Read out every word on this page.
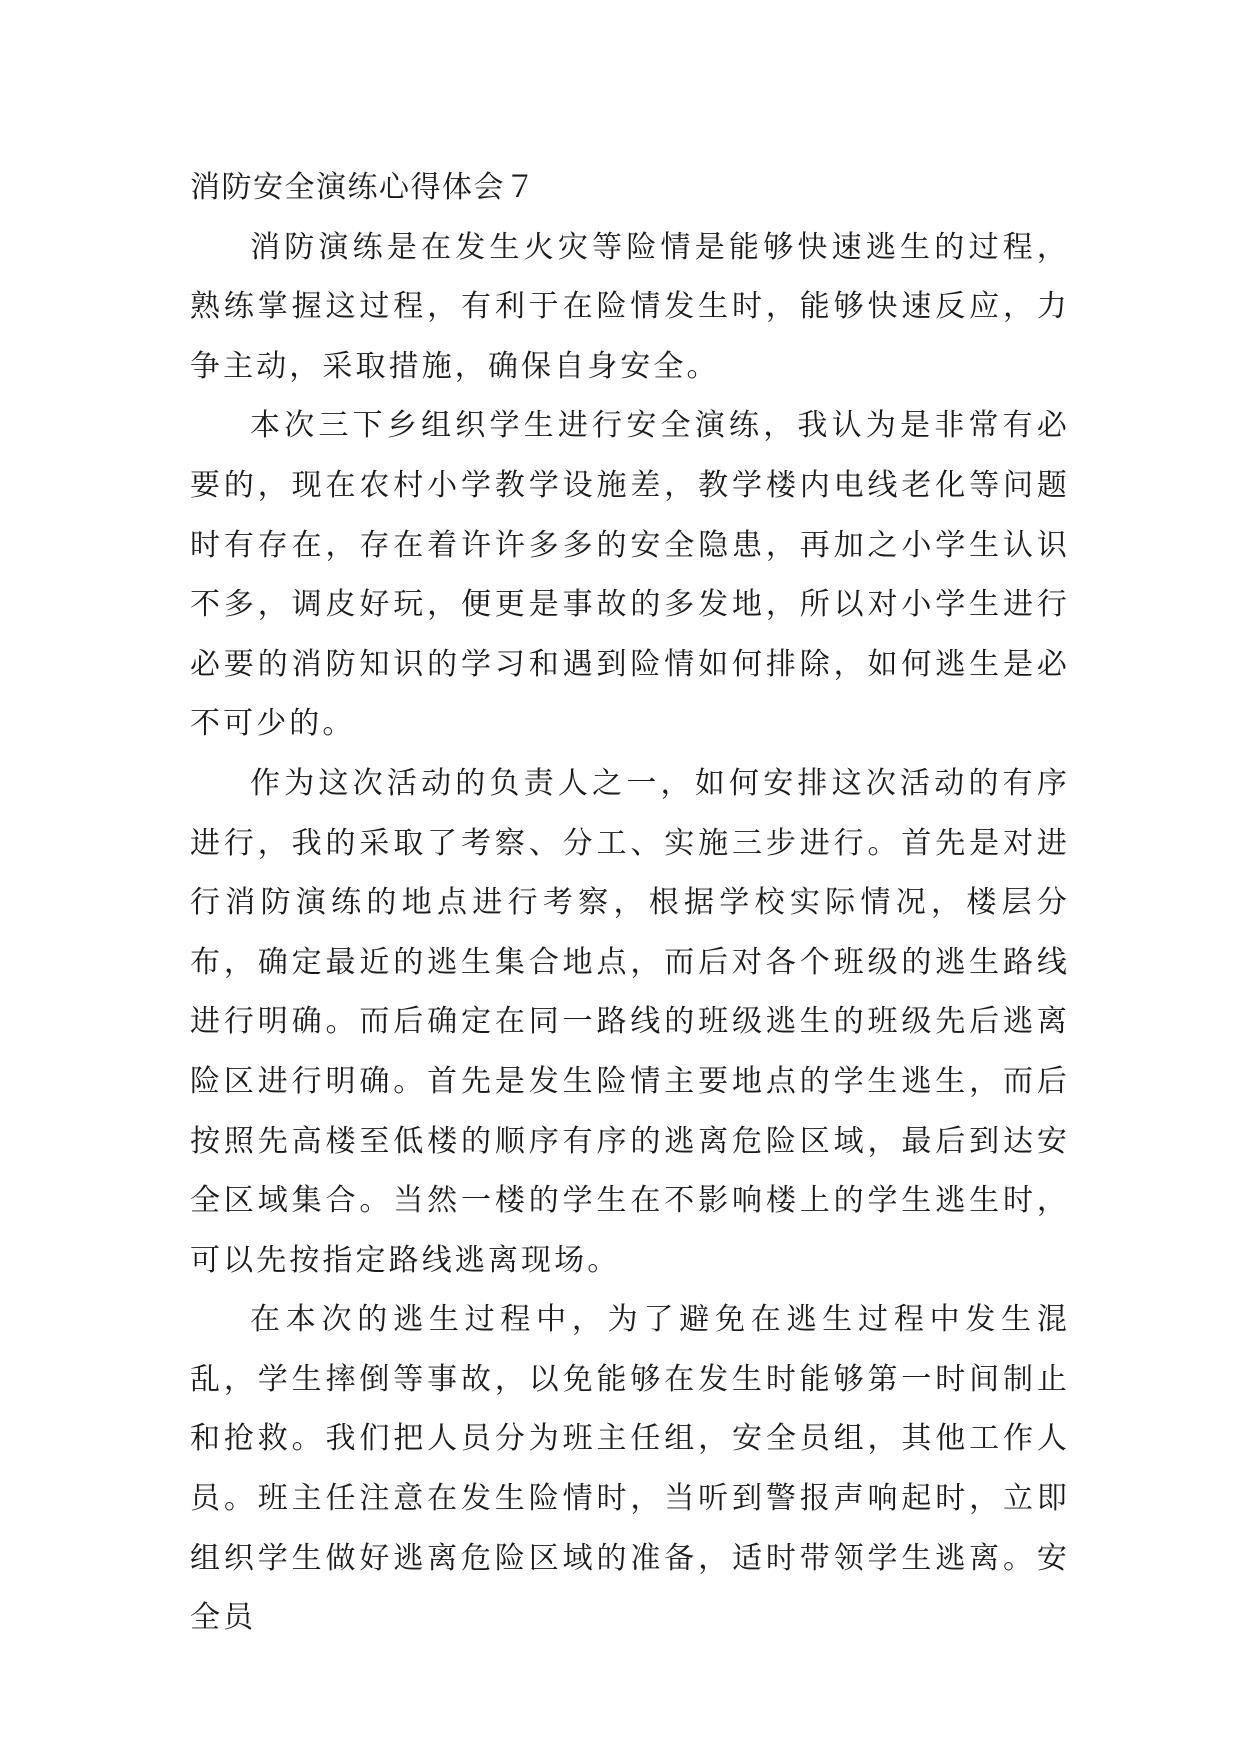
消防安全演练心得体会７

消防演练是在发生火灾等险情是能够快速逃生的过程，熟练掌握这过程，有利于在险情发生时，能够快速反应，力争主动，采取措施，确保自身安全。

本次三下乡组织学生进行安全演练，我认为是非常有必要的，现在农村小学教学设施差，教学楼内电线老化等问题时有存在，存在着许许多多的安全隐患，再加之小学生认识不多，调皮好玩，便更是事故的多发地，所以对小学生进行必要的消防知识的学习和遇到险情如何排除，如何逃生是必不可少的。

作为这次活动的负责人之一，如何安排这次活动的有序进行，我的采取了考察、分工、实施三步进行。首先是对进行消防演练的地点进行考察，根据学校实际情况，楼层分布，确定最近的逃生集合地点，而后对各个班级的逃生路线进行明确。而后确定在同一路线的班级逃生的班级先后逃离险区进行明确。首先是发生险情主要地点的学生逃生，而后按照先高楼至低楼的顺序有序的逃离危险区域，最后到达安全区域集合。当然一楼的学生在不影响楼上的学生逃生时，可以先按指定路线逃离现场。

在本次的逃生过程中，为了避免在逃生过程中发生混乱，学生摔倒等事故，以免能够在发生时能够第一时间制止和抢救。我们把人员分为班主任组，安全员组，其他工作人员。班主任注意在发生险情时，当听到警报声响起时，立即组织学生做好逃离危险区域的准备，适时带领学生逃离。安全员
